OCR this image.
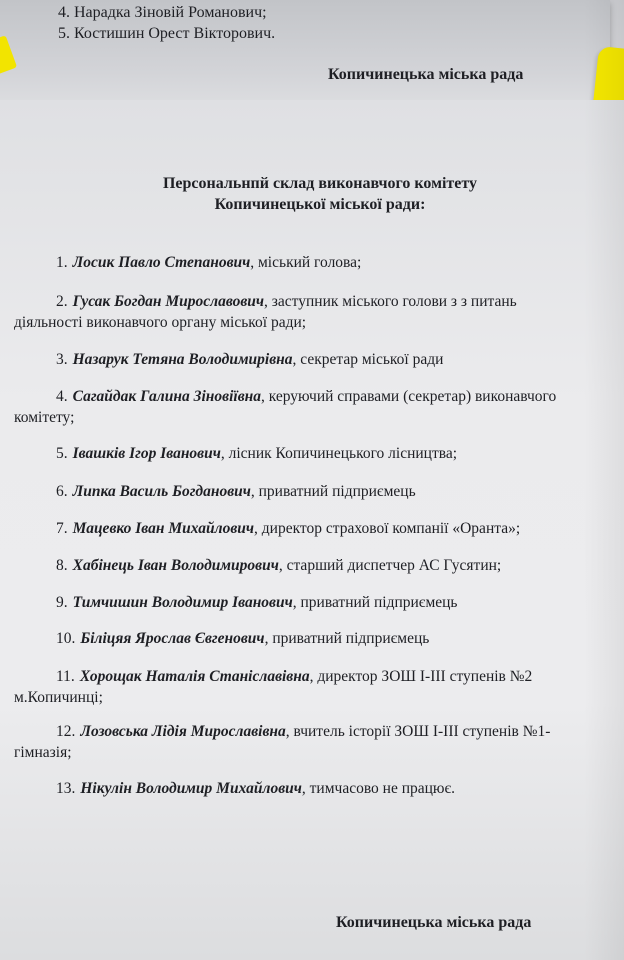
4. Нарадка Зіновій Романович;
5. Костишин Орест Вікторович.
Копичинецька міська рада
Персональнпй склад виконавчого комітету
Копичинецької міської ради:
1. Лосик Павло Степанович, міський голова;
2. Гусак Богдан Мирославович, заступник міського голови з з питань
діяльності виконавчого органу міської ради;
3. Назарук Тетяна Володимирівна, секретар міської ради
4. Сагайдак Галина Зіновіївна, керуючий справами (секретар) виконавчого
комітету;
5. Івашків Ігор Іванович, лісник Копичинецького лісництва;
6. Липка Василь Богданович, приватний підприємець
7. Мацевко Іван Михайлович, директор страхової компанії «Оранта»;
8. Хабінець Іван Володимирович, старший диспетчер АС Гусятин;
9. Тимчишин Володимир Іванович, приватний підприємець
10. Біліцяя Ярослав Євгенович, приватний підприємець
11. Хорощак Наталія Станіславівна, директор ЗОШ I-III ступенів №2
м.Копичинці;
12. Лозовська Лідія Мирославівна, вчитель історії ЗОШ I-III ступенів №1-
гімназія;
13. Нікулін Володимир Михайлович, тимчасово не працює.
Копичинецька міська рада
